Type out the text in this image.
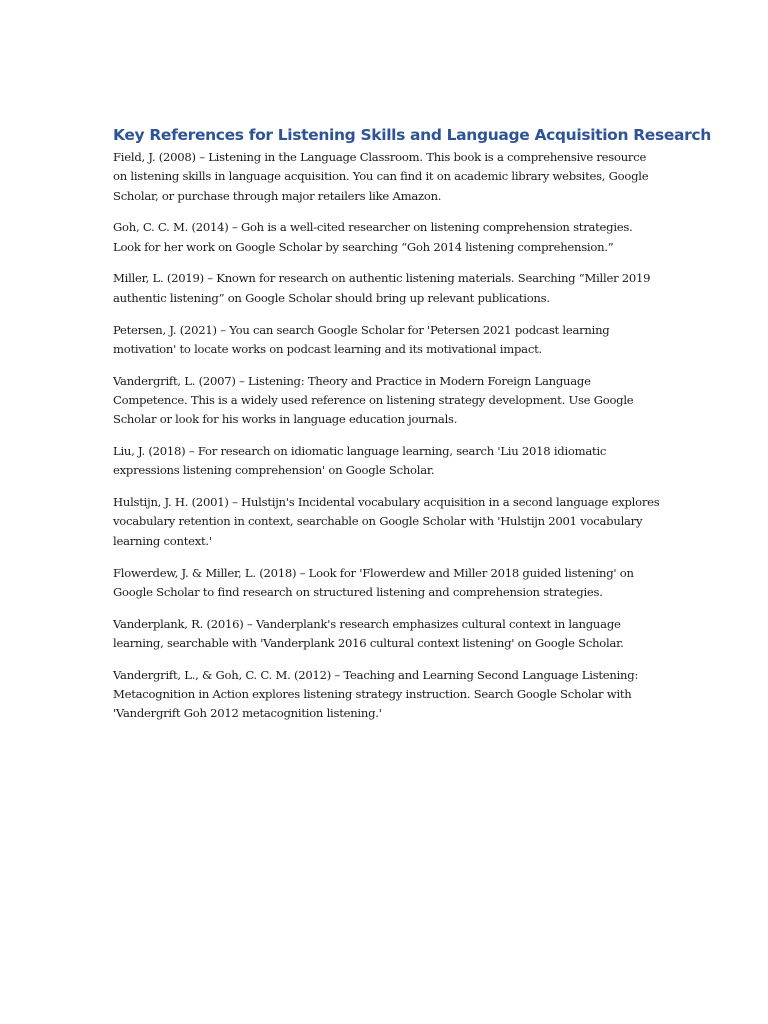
Key References for Listening Skills and Language Acquisition Research

Field, J. (2008) – Listening in the Language Classroom. This book is a comprehensive resource on listening skills in language acquisition. You can find it on academic library websites, Google Scholar, or purchase through major retailers like Amazon.

Goh, C. C. M. (2014) – Goh is a well-cited researcher on listening comprehension strategies. Look for her work on Google Scholar by searching “Goh 2014 listening comprehension.”

Miller, L. (2019) – Known for research on authentic listening materials. Searching “Miller 2019 authentic listening” on Google Scholar should bring up relevant publications.

Petersen, J. (2021) – You can search Google Scholar for 'Petersen 2021 podcast learning motivation' to locate works on podcast learning and its motivational impact.

Vandergrift, L. (2007) – Listening: Theory and Practice in Modern Foreign Language Competence. This is a widely used reference on listening strategy development. Use Google Scholar or look for his works in language education journals.

Liu, J. (2018) – For research on idiomatic language learning, search 'Liu 2018 idiomatic expressions listening comprehension' on Google Scholar.

Hulstijn, J. H. (2001) – Hulstijn's Incidental vocabulary acquisition in a second language explores vocabulary retention in context, searchable on Google Scholar with 'Hulstijn 2001 vocabulary learning context.'

Flowerdew, J. & Miller, L. (2018) – Look for 'Flowerdew and Miller 2018 guided listening' on Google Scholar to find research on structured listening and comprehension strategies.

Vanderplank, R. (2016) – Vanderplank's research emphasizes cultural context in language learning, searchable with 'Vanderplank 2016 cultural context listening' on Google Scholar.

Vandergrift, L., & Goh, C. C. M. (2012) – Teaching and Learning Second Language Listening: Metacognition in Action explores listening strategy instruction. Search Google Scholar with 'Vandergrift Goh 2012 metacognition listening.'
